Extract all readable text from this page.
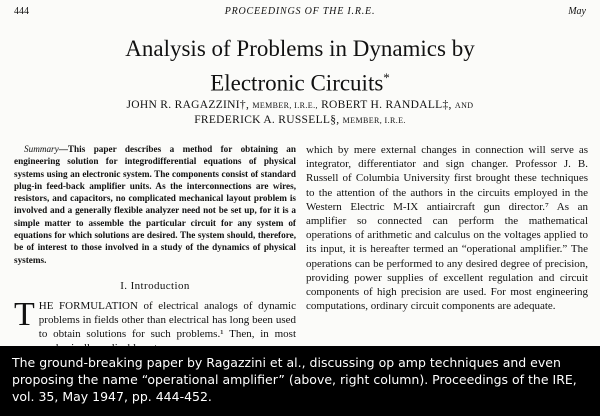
444	PROCEEDINGS OF THE I.R.E.	May
Analysis of Problems in Dynamics by
Electronic Circuits*
JOHN R. RAGAZZINI†, MEMBER, I.R.E., ROBERT H. RANDALL‡, AND
FREDERICK A. RUSSELL§, MEMBER, I.R.E.

Summary—This paper describes a method for obtaining an engineering solution for integrodifferential equations of physical systems using an electronic system. The components consist of standard plug-in feed-back amplifier units. As the interconnections are wires, resistors, and capacitors, no complicated mechanical layout problem is involved and a generally flexible analyzer need not be set up, for it is a simple matter to assemble the particular circuit for any system of equations for which solutions are desired. The system should, therefore, be of interest to those involved in a study of the dynamics of physical systems.

I. Introduction

THE FORMULATION of electrical analogs of dynamic problems in fields other than electrical has long been used to obtain solutions for such problems.¹ Then, in most

which by mere external changes in connection will serve as integrator, differentiator and sign changer. Professor J. B. Russell of Columbia University first brought these techniques to the attention of the authors in the circuits employed in the Western Electric M-IX antiaircraft gun director.⁷ As an amplifier so connected can perform the mathematical operations of arithmetic and calculus on the voltages applied to its input, it is hereafter termed an “operational amplifier.” The operations can be performed to any desired degree of precision, providing power supplies of excellent regulation and circuit components of high precision are used. For most engineering computations, ordinary circuit components are adequate.

The ground-breaking paper by Ragazzini et al., discussing op amp techniques and even proposing the name “operational amplifier” (above, right column). Proceedings of the IRE, vol. 35, May 1947, pp. 444-452.
